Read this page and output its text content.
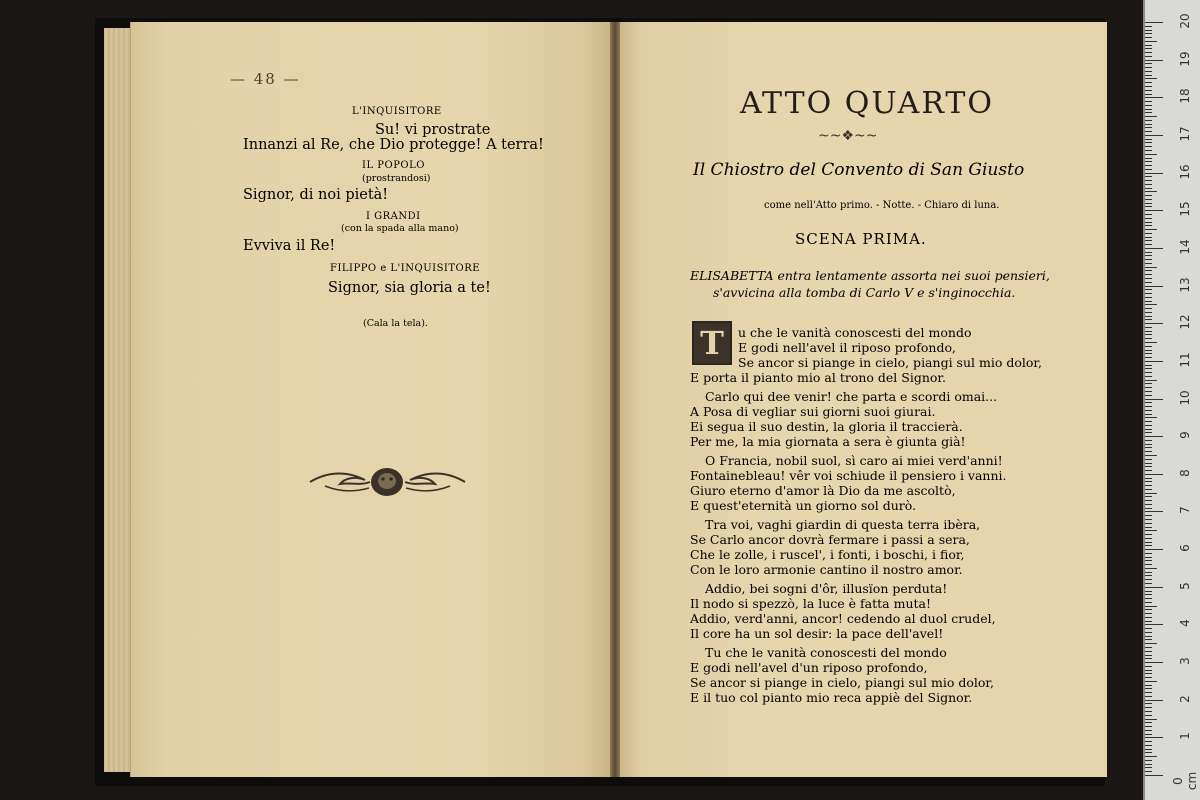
— 48 —
L'INQUISITORE
Su! vi prostrate
Innanzi al Re, che Dio protegge! A terra!
IL POPOLO
(prostrandosi)
Signor, di noi pietà!
I GRANDI
(con la spada alla mano)
Evviva il Re!
FILIPPO e L'INQUISITORE
Signor, sia gloria a te!
(Cala la tela).
ATTO QUARTO
~~❖~~
Il Chiostro del Convento di San Giusto
come nell'Atto primo. - Notte. - Chiaro di luna.
SCENA PRIMA.
ELISABETTA entra lentamente assorta nei suoi pensieri,
s'avvicina alla tomba di Carlo V e s'inginocchia.
T	u che le vanità conoscesti del mondo
E godi nell'avel il riposo profondo,
Se ancor si piange in cielo, piangi sul mio dolor,
E porta il pianto mio al trono del Signor.
Carlo qui dee venir! che parta e scordi omai...
A Posa di vegliar sui giorni suoi giurai.
Ei segua il suo destin, la gloria il traccierà.
Per me, la mia giornata a sera è giunta già!
O Francia, nobil suol, sì caro ai miei verd'anni!
Fontainebleau! vêr voi schiude il pensiero i vanni.
Giuro eterno d'amor là Dio da me ascoltò,
E quest'eternità un giorno sol durò.
Tra voi, vaghi giardin di questa terra ibèra,
Se Carlo ancor dovrà fermare i passi a sera,
Che le zolle, i ruscel', i fonti, i boschi, i fior,
Con le loro armonie cantino il nostro amor.
Addio, bei sogni d'ôr, illusïon perduta!
Il nodo si spezzò, la luce è fatta muta!
Addio, verd'anni, ancor! cedendo al duol crudel,
Il core ha un sol desir: la pace dell'avel!
Tu che le vanità conoscesti del mondo
E godi nell'avel d'un riposo profondo,
Se ancor si piange in cielo, piangi sul mio dolor,
E il tuo col pianto mio reca appiè del Signor.
0 cm
1
2
3
4
5
6
7
8
9
10
11
12
13
14
15
16
17
18
19
20
